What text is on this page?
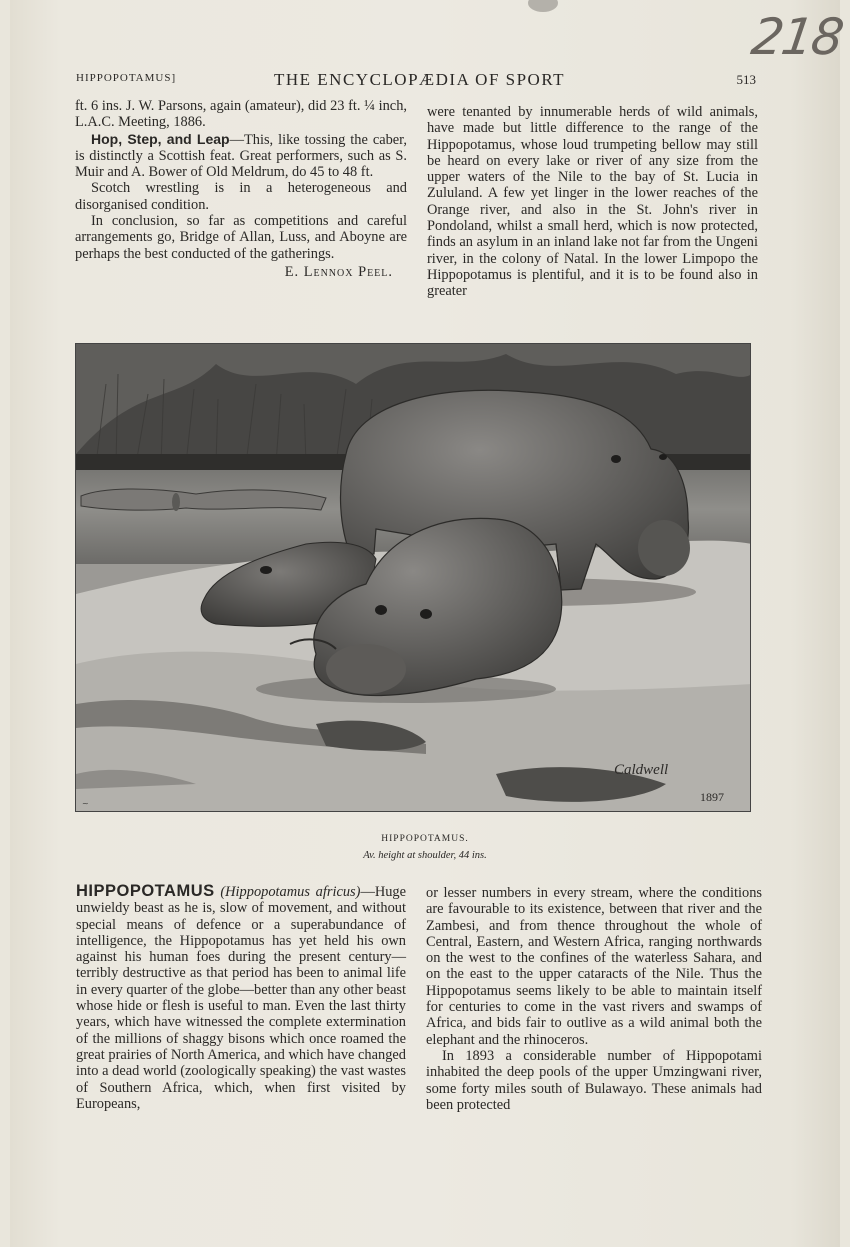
218
HIPPOPOTAMUS]	THE ENCYCLOPÆDIA OF SPORT	513

ft. 6 ins. J. W. Parsons, again (amateur), did 23 ft. ¼ inch, L.A.C. Meeting, 1886.

Hop, Step, and Leap—This, like tossing the caber, is distinctly a Scottish feat. Great performers, such as S. Muir and A. Bower of Old Meldrum, do 45 to 48 ft.

Scotch wrestling is in a heterogeneous and disorganised condition.

In conclusion, so far as competitions and careful arrangements go, Bridge of Allan, Luss, and Aboyne are perhaps the best conducted of the gatherings.

E. Lennox Peel.

were tenanted by innumerable herds of wild animals, have made but little difference to the range of the Hippopotamus, whose loud trumpeting bellow may still be heard on every lake or river of any size from the upper waters of the Nile to the bay of St. Lucia in Zululand. A few yet linger in the lower reaches of the Orange river, and also in the St. John's river in Pondoland, whilst a small herd, which is now protected, finds an asylum in an inland lake not far from the Ungeni river, in the colony of Natal. In the lower Limpopo the Hippopotamus is plentiful, and it is to be found also in greater

~
Caldwell
1897
HIPPOPOTAMUS.
Av. height at shoulder, 44 ins.

HIPPOPOTAMUS (Hippopotamus africus)—Huge unwieldy beast as he is, slow of movement, and without special means of defence or a superabundance of intelligence, the Hippopotamus has yet held his own against his human foes during the present century—terribly destructive as that period has been to animal life in every quarter of the globe—better than any other beast whose hide or flesh is useful to man. Even the last thirty years, which have witnessed the complete extermination of the millions of shaggy bisons which once roamed the great prairies of North America, and which have changed into a dead world (zoologically speaking) the vast wastes of Southern Africa, which, when first visited by Europeans,

or lesser numbers in every stream, where the conditions are favourable to its existence, between that river and the Zambesi, and from thence throughout the whole of Central, Eastern, and Western Africa, ranging northwards on the west to the confines of the waterless Sahara, and on the east to the upper cataracts of the Nile. Thus the Hippopotamus seems likely to be able to maintain itself for centuries to come in the vast rivers and swamps of Africa, and bids fair to outlive as a wild animal both the elephant and the rhinoceros.

In 1893 a considerable number of Hippopotami inhabited the deep pools of the upper Umzingwani river, some forty miles south of Bulawayo. These animals had been protected
